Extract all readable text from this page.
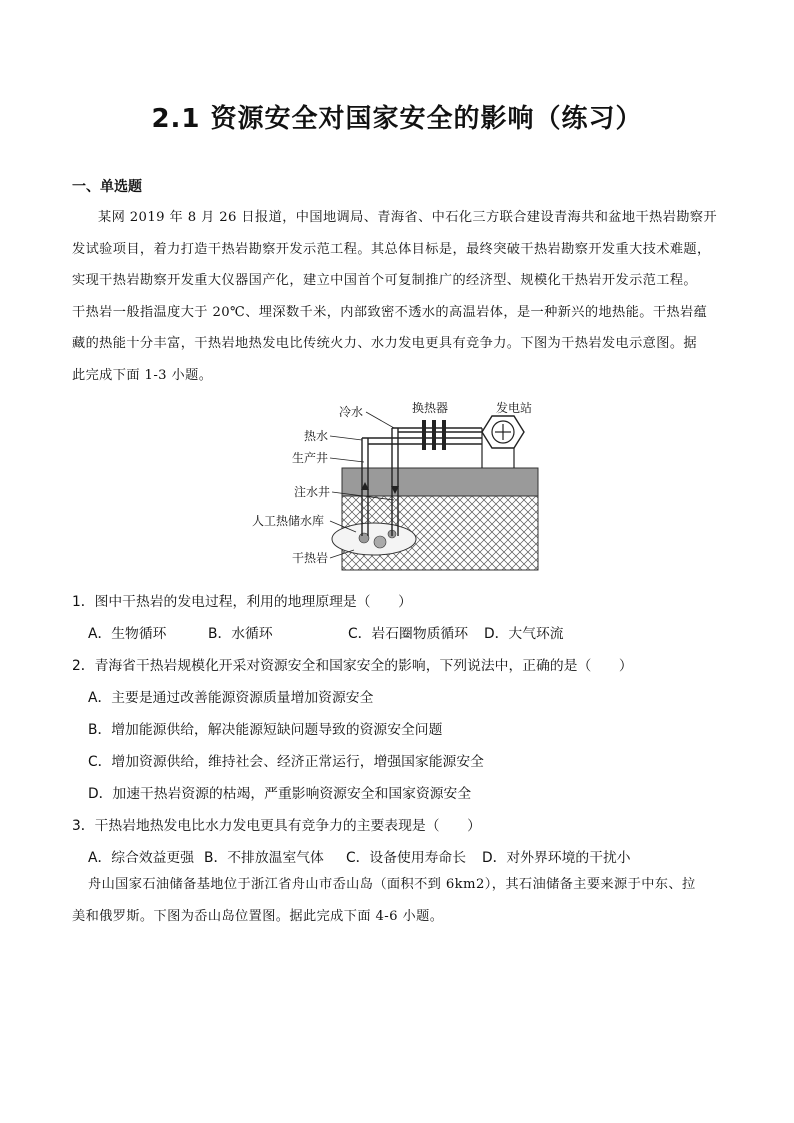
2.1 资源安全对国家安全的影响（练习）
一、单选题
某网 2019 年 8 月 26 日报道，中国地调局、青海省、中石化三方联合建设青海共和盆地干热岩勘察开
发试验项目，着力打造干热岩勘察开发示范工程。其总体目标是，最终突破干热岩勘察开发重大技术难题，
实现干热岩勘察开发重大仪器国产化，建立中国首个可复制推广的经济型、规模化干热岩开发示范工程。
干热岩一般指温度大于 20℃、埋深数千米，内部致密不透水的高温岩体，是一种新兴的地热能。干热岩蕴
藏的热能十分丰富，干热岩地热发电比传统火力、水力发电更具有竞争力。下图为干热岩发电示意图。据
此完成下面 1-3 小题。
冷水	换热器	发电站
热水
生产井
注水井
人工热储水库
干热岩
1．图中干热岩的发电过程，利用的地理原理是（　　）
A．生物循环	B．水循环	C．岩石圈物质循环 D．大气环流
2．青海省干热岩规模化开采对资源安全和国家安全的影响，下列说法中，正确的是（　　）
A．主要是通过改善能源资源质量增加资源安全
B．增加能源供给，解决能源短缺问题导致的资源安全问题
C．增加资源供给，维持社会、经济正常运行，增强国家能源安全
D．加速干热岩资源的枯竭，严重影响资源安全和国家资源安全
3．干热岩地热发电比水力发电更具有竞争力的主要表现是（　　）
A．综合效益更强 B．不排放温室气体 C．设备使用寿命长 D．对外界环境的干扰小
舟山国家石油储备基地位于浙江省舟山市岙山岛（面积不到 6km2），其石油储备主要来源于中东、拉
美和俄罗斯。下图为岙山岛位置图。据此完成下面 4-6 小题。
